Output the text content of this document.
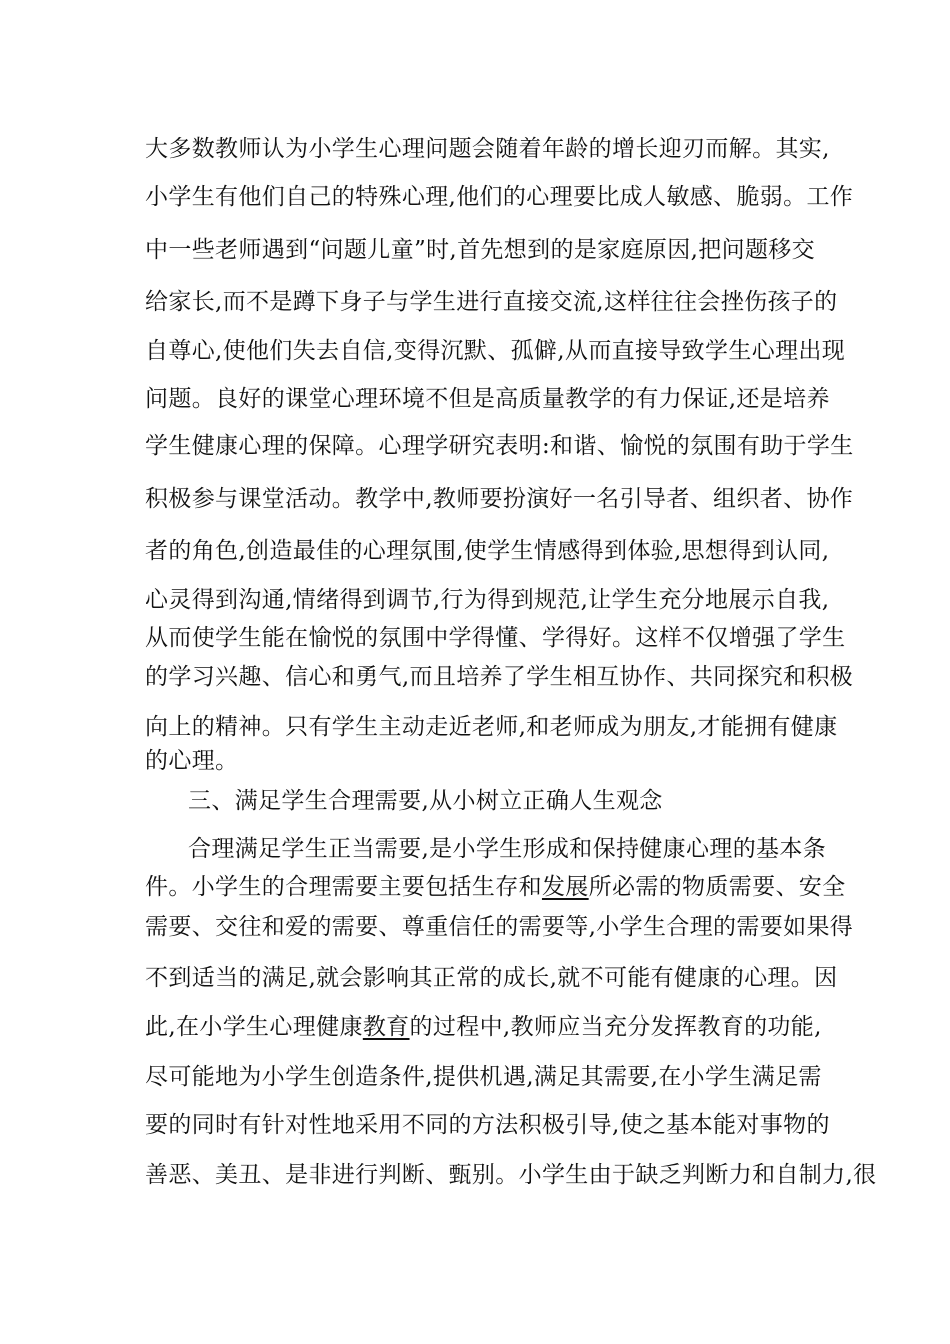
大多数教师认为小学生心理问题会随着年龄的增长迎刃而解。其实,
小学生有他们自己的特殊心理,他们的心理要比成人敏感、脆弱。工作
中一些老师遇到“问题儿童”时,首先想到的是家庭原因,把问题移交
给家长,而不是蹲下身子与学生进行直接交流,这样往往会挫伤孩子的
自尊心,使他们失去自信,变得沉默、孤僻,从而直接导致学生心理出现
问题。良好的课堂心理环境不但是高质量教学的有力保证,还是培养
学生健康心理的保障。心理学研究表明:和谐、愉悦的氛围有助于学生
积极参与课堂活动。教学中,教师要扮演好一名引导者、组织者、协作
者的角色,创造最佳的心理氛围,使学生情感得到体验,思想得到认同,
心灵得到沟通,情绪得到调节,行为得到规范,让学生充分地展示自我,
从而使学生能在愉悦的氛围中学得懂、学得好。这样不仅增强了学生
的学习兴趣、信心和勇气,而且培养了学生相互协作、共同探究和积极
向上的精神。只有学生主动走近老师,和老师成为朋友,才能拥有健康
的心理。
三、满足学生合理需要,从小树立正确人生观念
合理满足学生正当需要,是小学生形成和保持健康心理的基本条
件。小学生的合理需要主要包括生存和发展所必需的物质需要、安全
需要、交往和爱的需要、尊重信任的需要等,小学生合理的需要如果得
不到适当的满足,就会影响其正常的成长,就不可能有健康的心理。因
此,在小学生心理健康教育的过程中,教师应当充分发挥教育的功能,
尽可能地为小学生创造条件,提供机遇,满足其需要,在小学生满足需
要的同时有针对性地采用不同的方法积极引导,使之基本能对事物的
善恶、美丑、是非进行判断、甄别。小学生由于缺乏判断力和自制力,很
